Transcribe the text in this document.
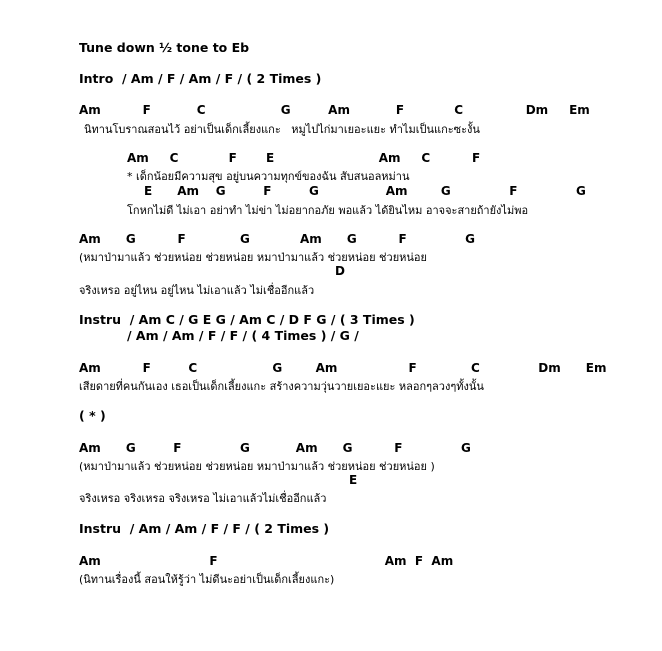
Tune down ½ tone to Eb
Intro  / Am / F / Am / F / ( 2 Times )
Am          F           C                  G         Am           F            C               Dm     Em
นิทานโบราณสอนไว้ อย่าเป็นเด็กเลี้ยงแกะ   หมูไปไก่มาเยอะแยะ ทำไมเป็นแกะซะงั้น
Am     C            F       E                         Am     C          F
* เด็กน้อยมีความสุข อยู่บนความทุกข์ของฉัน สับสนอลหม่าน
E      Am    G         F         G                Am        G              F              G
โกหกไม่ดี ไม่เอา อย่าทำ ไม่ข่า ไม่อยากอภัย พอแล้ว ได้ยินไหม อาจจะสายถ้ายังไม่พอ
Am      G          F             G            Am      G          F              G
(หมาป่ามาแล้ว ช่วยหน่อย ช่วยหน่อย หมาป่ามาแล้ว ช่วยหน่อย ช่วยหน่อย
D
จริงเหรอ อยู่ไหน อยู่ไหน ไม่เอาแล้ว ไม่เชื่ออีกแล้ว
Instru  / Am C / G E G / Am C / D F G / ( 3 Times )
/ Am / Am / F / F / ( 4 Times ) / G /
Am          F         C                  G        Am                 F             C              Dm      Em
เสียดายที่คนกันเอง เธอเป็นเด็กเลี้ยงแกะ สร้างความวุ่นวายเยอะแยะ หลอกๆลวงๆทั้งนั้น
( * )
Am      G         F              G           Am      G          F              G
(หมาป่ามาแล้ว ช่วยหน่อย ช่วยหน่อย หมาป่ามาแล้ว ช่วยหน่อย ช่วยหน่อย )
E
จริงเหรอ จริงเหรอ จริงเหรอ ไม่เอาแล้วไม่เชื่ออีกแล้ว
Instru  / Am / Am / F / F / ( 2 Times )
Am                          F                                        Am  F  Am
(นิทานเรื่องนี้ สอนให้รู้ว่า ไม่ดีนะอย่าเป็นเด็กเลี้ยงแกะ)
